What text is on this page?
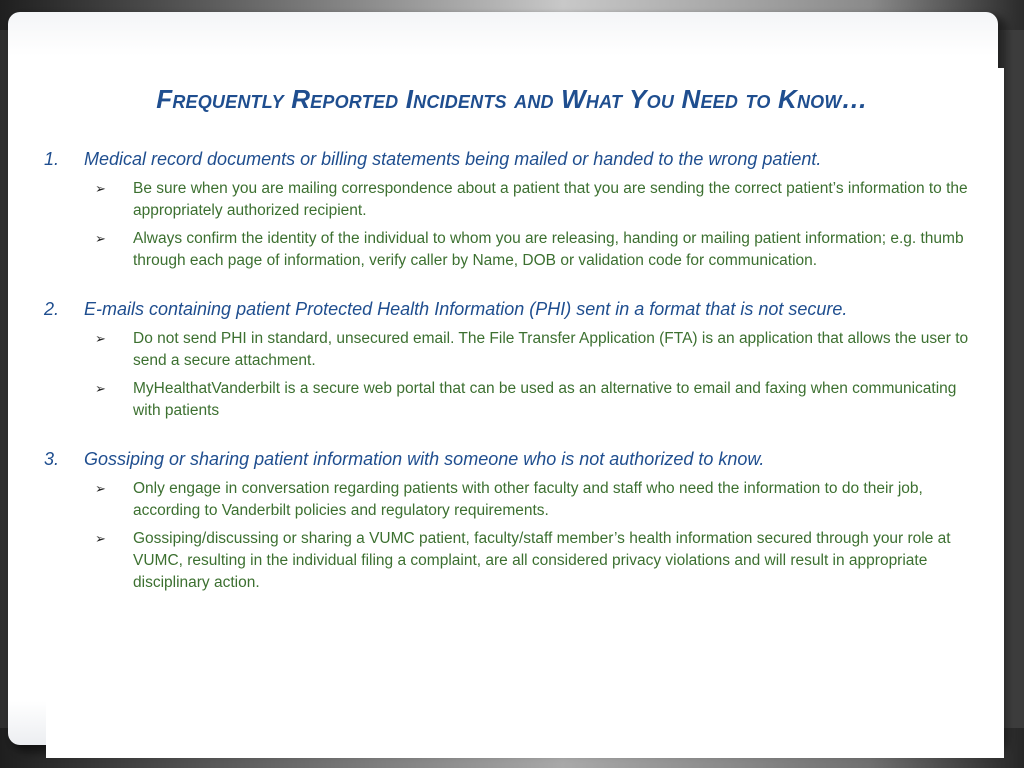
Frequently Reported Incidents and What You Need to Know…
1.	Medical record documents or billing statements being mailed or handed to the wrong patient.

➢ Be sure when you are mailing correspondence about a patient that you are sending the correct patient’s information to the appropriately authorized recipient.
➢ Always confirm the identity of the individual to whom you are releasing, handing or mailing patient information; e.g. thumb through each page of information, verify caller by Name, DOB or validation code for communication.
2.	E-mails containing patient Protected Health Information (PHI) sent in a format that is not secure.

➢ Do not send PHI in standard, unsecured email. The File Transfer Application (FTA) is an application that allows the user to send a secure attachment.
➢ MyHealthatVanderbilt is a secure web portal that can be used as an alternative to email and faxing when communicating with patients
3.	Gossiping or sharing patient information with someone who is not authorized to know.

➢ Only engage in conversation regarding patients with other faculty and staff who need the information to do their job, according to Vanderbilt policies and regulatory requirements.
➢ Gossiping/discussing or sharing a VUMC patient, faculty/staff member’s health information secured through your role at VUMC, resulting in the individual filing a complaint, are all considered privacy violations and will result in appropriate disciplinary action.
